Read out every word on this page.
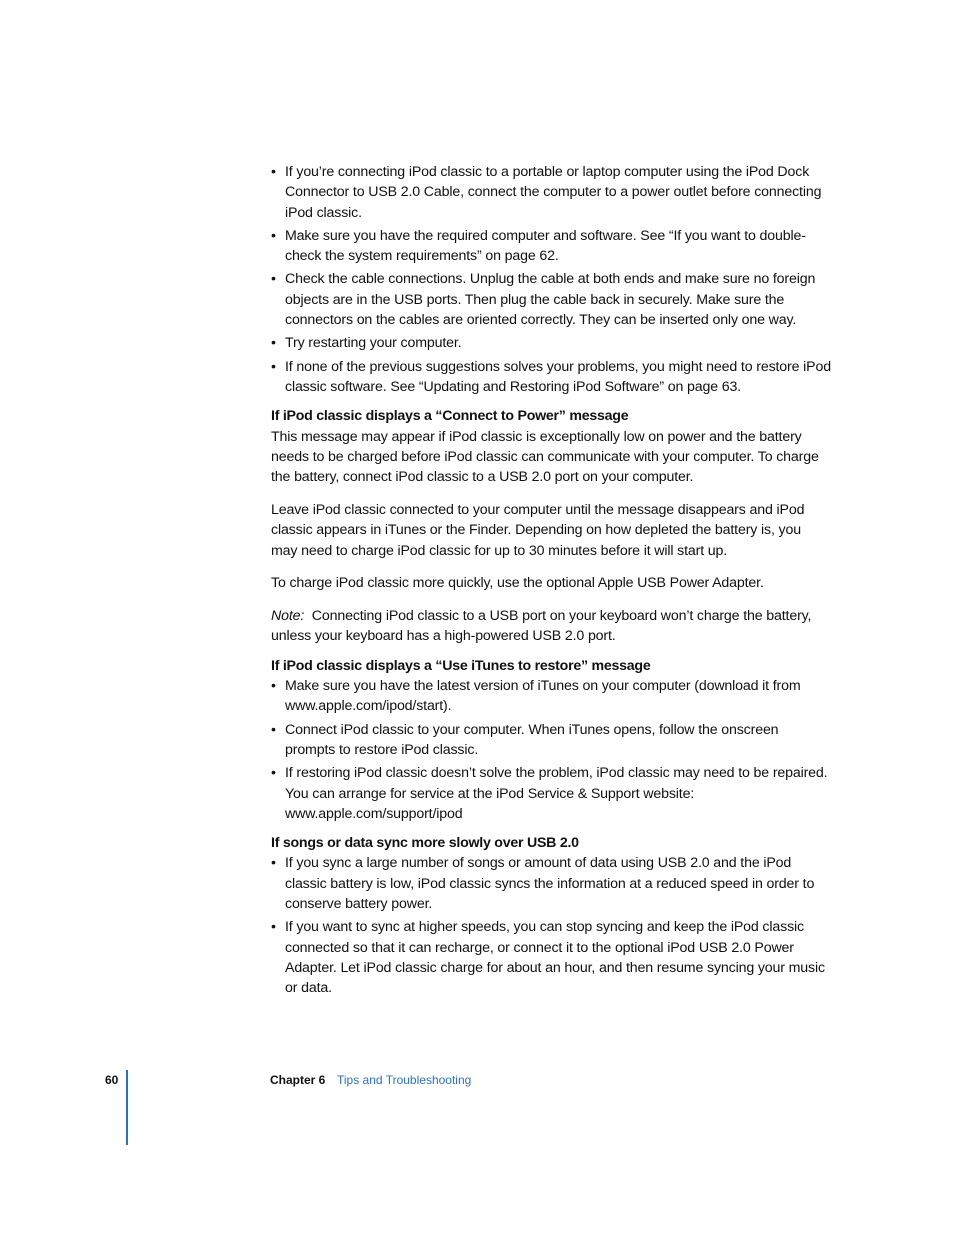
• If you’re connecting iPod classic to a portable or laptop computer using the iPod Dock Connector to USB 2.0 Cable, connect the computer to a power outlet before connecting iPod classic.
• Make sure you have the required computer and software. See “If you want to double-check the system requirements” on page 62.
• Check the cable connections. Unplug the cable at both ends and make sure no foreign objects are in the USB ports. Then plug the cable back in securely. Make sure the connectors on the cables are oriented correctly. They can be inserted only one way.
• Try restarting your computer.
• If none of the previous suggestions solves your problems, you might need to restore iPod classic software. See “Updating and Restoring iPod Software” on page 63.
If iPod classic displays a “Connect to Power” message

This message may appear if iPod classic is exceptionally low on power and the battery needs to be charged before iPod classic can communicate with your computer. To charge the battery, connect iPod classic to a USB 2.0 port on your computer.

Leave iPod classic connected to your computer until the message disappears and iPod classic appears in iTunes or the Finder. Depending on how depleted the battery is, you may need to charge iPod classic for up to 30 minutes before it will start up.

To charge iPod classic more quickly, use the optional Apple USB Power Adapter.

Note: Connecting iPod classic to a USB port on your keyboard won’t charge the battery, unless your keyboard has a high-powered USB 2.0 port.

If iPod classic displays a “Use iTunes to restore” message
• Make sure you have the latest version of iTunes on your computer (download it from www.apple.com/ipod/start).
• Connect iPod classic to your computer. When iTunes opens, follow the onscreen prompts to restore iPod classic.
• If restoring iPod classic doesn’t solve the problem, iPod classic may need to be repaired. You can arrange for service at the iPod Service & Support website: www.apple.com/support/ipod
If songs or data sync more slowly over USB 2.0
• If you sync a large number of songs or amount of data using USB 2.0 and the iPod classic battery is low, iPod classic syncs the information at a reduced speed in order to conserve battery power.
• If you want to sync at higher speeds, you can stop syncing and keep the iPod classic connected so that it can recharge, or connect it to the optional iPod USB 2.0 Power Adapter. Let iPod classic charge for about an hour, and then resume syncing your music or data.
60	Chapter 6 Tips and Troubleshooting
